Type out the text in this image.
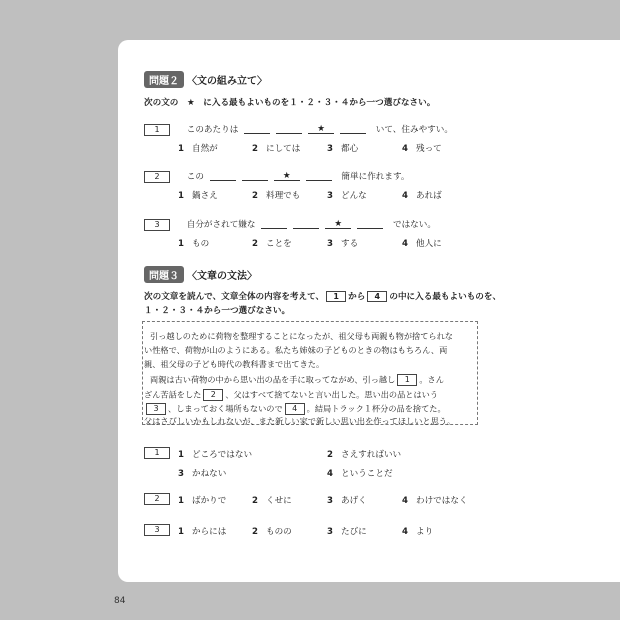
問題２ 〈文の組み立て〉
次の文の　★　に入る最もよいものを１・２・３・４から一つ選びなさい。
1	このあたりは	★	いて、住みやすい。
1 自然が	2 にしては	3 都心	4 残って
2	この	★	簡単に作れます。
1 鍋さえ	2 料理でも	3 どんな	4 あれば
3	自分がされて嫌な	★	ではない。
1 もの	2 ことを	3 する	4 他人に
問題３ 〈文章の文法〉
次の文章を読んで、文章全体の内容を考えて、 1 から 4 の中に入る最もよいものを、
１・２・３・４から一つ選びなさい。
引っ越しのために荷物を整理することになったが、祖父母も両親も物が捨てられな
い性格で、荷物が山のようにある。私たち姉妹の子どものときの物はもちろん、両
親、祖父母の子ども時代の教科書まで出てきた。
両親は古い荷物の中から思い出の品を手に取ってながめ、引っ越し 1 。さん
ざん苦話をした 2 、父はすべて捨てないと言い出した。思い出の品とはいう
3 、しまっておく場所もないので 4 。結局トラック１杯分の品を捨てた。
父はさびしいかもしれないが、また新しい家で新しい思い出を作ってほしいと思う。
1	1 どころではない	2 さえすればいい
3 かねない	4 ということだ
2	1 ばかりで	2 くせに	3 あげく	4 わけではなく
3	1 からには	2 ものの	3 たびに	4 より
84
